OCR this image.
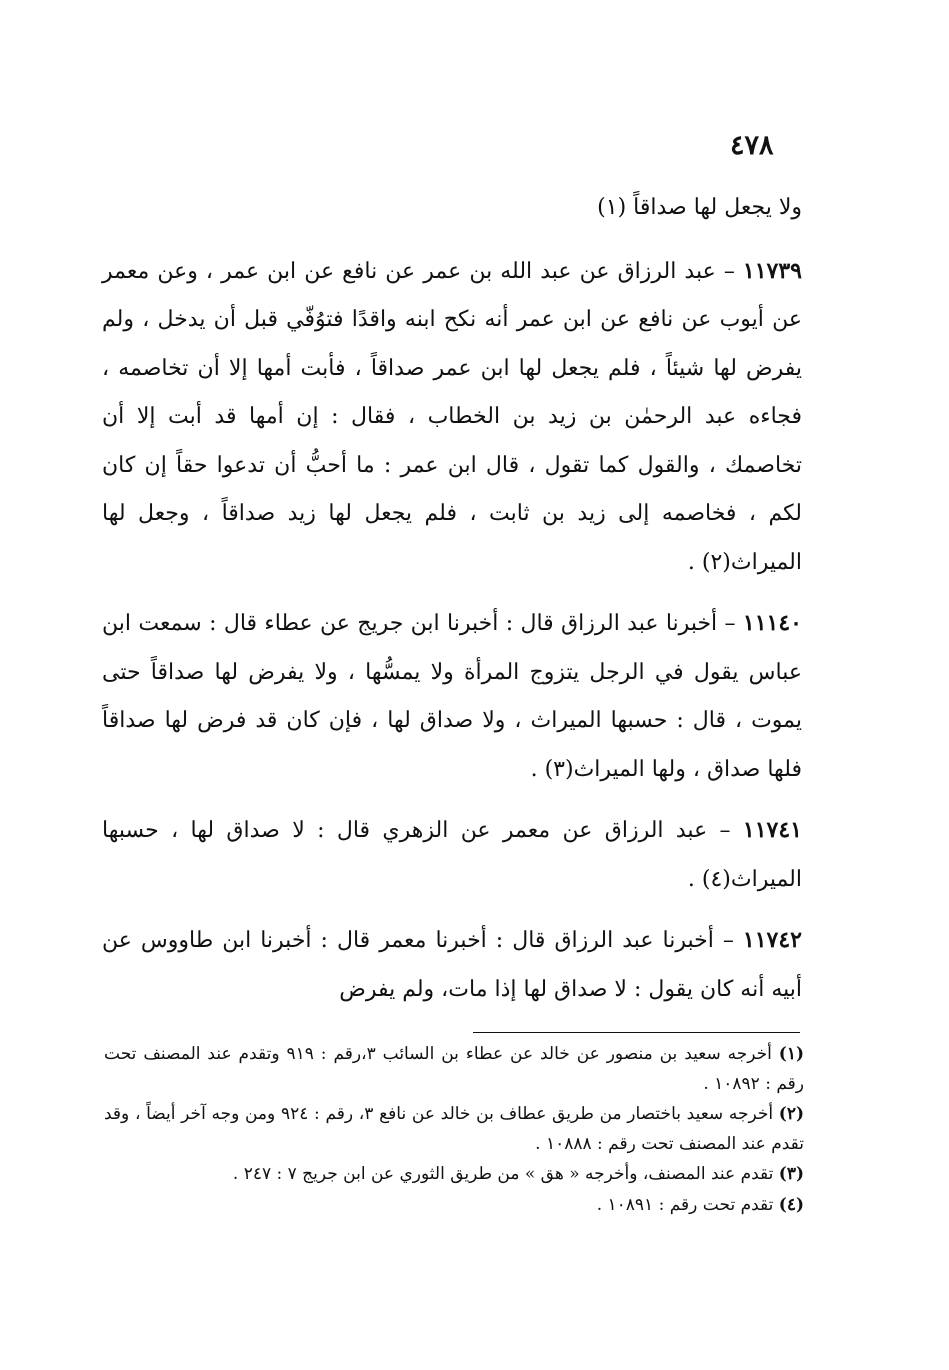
٤٧٨

ولا يجعل لها صداقاً (١)

١١٧٣٩ – عبد الرزاق عن عبد الله بن عمر عن نافع عن ابن عمر ، وعن معمر عن أيوب عن نافع عن ابن عمر أنه نكح ابنه واقدًا فتوُفّي قبل أن يدخل ، ولم يفرض لها شيئاً ، فلم يجعل لها ابن عمر صداقاً ، فأبت أمها إلا أن تخاصمه ، فجاءه عبد الرحمٰن بن زيد بن الخطاب ، فقال : إن أمها قد أبت إلا أن تخاصمك ، والقول كما تقول ، قال ابن عمر : ما أحبُّ أن تدعوا حقاً إن كان لكم ، فخاصمه إلى زيد بن ثابت ، فلم يجعل لها زيد صداقاً ، وجعل لها الميراث(٢) .

١١١٤٠ – أخبرنا عبد الرزاق قال : أخبرنا ابن جريج عن عطاء قال : سمعت ابن عباس يقول في الرجل يتزوج المرأة ولا يمسُّها ، ولا يفرض لها صداقاً حتى يموت ، قال : حسبها الميراث ، ولا صداق لها ، فإن كان قد فرض لها صداقاً فلها صداق ، ولها الميراث(٣) .

١١٧٤١ – عبد الرزاق عن معمر عن الزهري قال : لا صداق لها ، حسبها الميراث(٤) .

١١٧٤٢ – أخبرنا عبد الرزاق قال : أخبرنا معمر قال : أخبرنا ابن طاووس عن أبيه أنه كان يقول : لا صداق لها إذا مات، ولم يفرض

(١) أخرجه سعيد بن منصور عن خالد عن عطاء بن السائب ٣،رقم : ٩١٩ وتقدم عند المصنف تحت رقم : ١٠٨٩٢ .

(٢) أخرجه سعيد باختصار من طريق عطاف بن خالد عن نافع ٣، رقم : ٩٢٤ ومن وجه آخر أيضاً ، وقد تقدم عند المصنف تحت رقم : ١٠٨٨٨ .

(٣) تقدم عند المصنف، وأخرجه « هق » من طريق الثوري عن ابن جريج ٧ : ٢٤٧ .

(٤) تقدم تحت رقم : ١٠٨٩١ .
